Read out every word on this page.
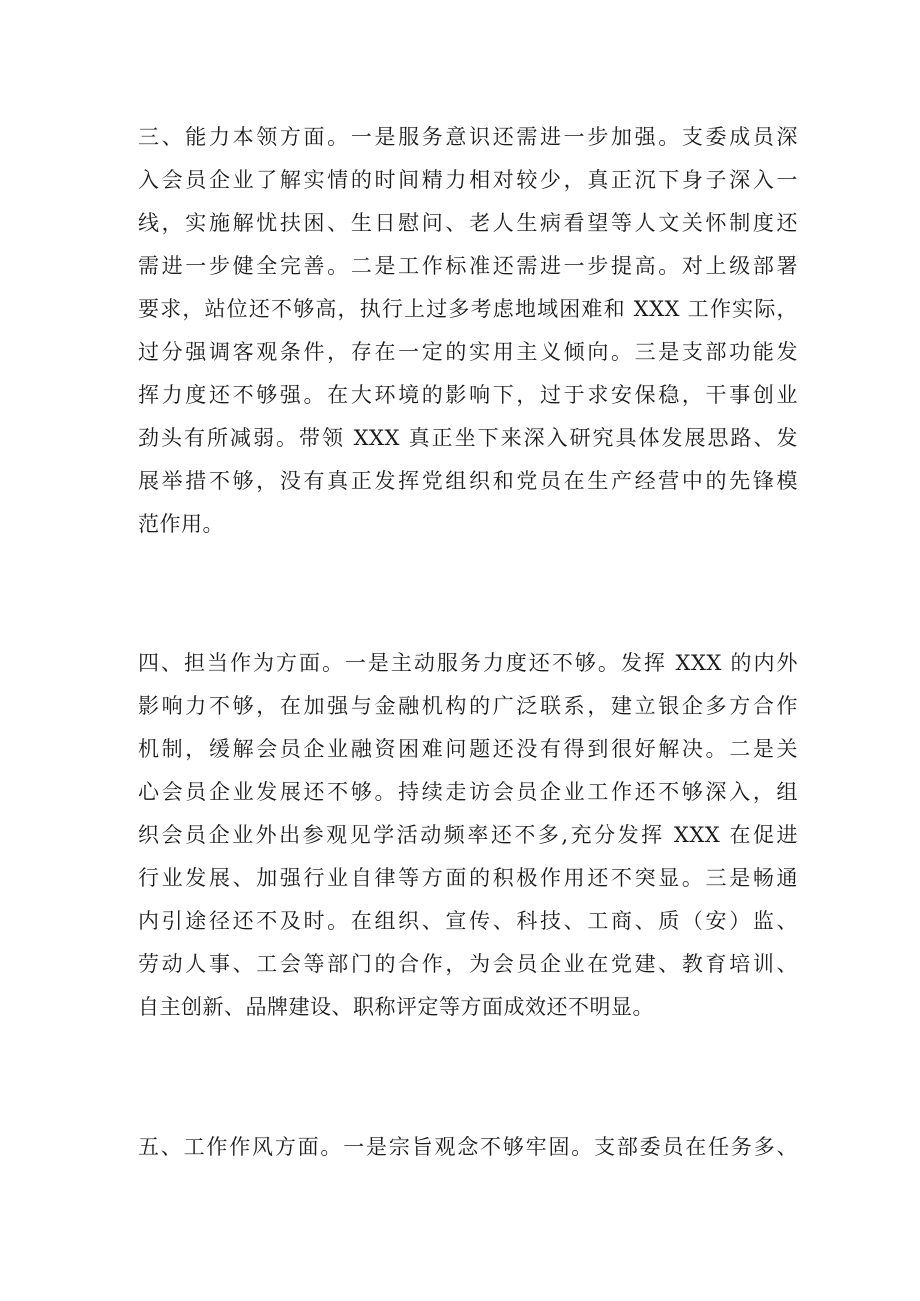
三、能力本领方面。一是服务意识还需进一步加强。支委成员深
入会员企业了解实情的时间精力相对较少，真正沉下身子深入一
线，实施解忧扶困、生日慰问、老人生病看望等人文关怀制度还
需进一步健全完善。二是工作标准还需进一步提高。对上级部署
要求，站位还不够高，执行上过多考虑地域困难和 XXX 工作实际，
过分强调客观条件，存在一定的实用主义倾向。三是支部功能发
挥力度还不够强。在大环境的影响下，过于求安保稳，干事创业
劲头有所减弱。带领 XXX 真正坐下来深入研究具体发展思路、发
展举措不够，没有真正发挥党组织和党员在生产经营中的先锋模
范作用。
四、担当作为方面。一是主动服务力度还不够。发挥 XXX 的内外
影响力不够，在加强与金融机构的广泛联系，建立银企多方合作
机制，缓解会员企业融资困难问题还没有得到很好解决。二是关
心会员企业发展还不够。持续走访会员企业工作还不够深入，组
织会员企业外出参观见学活动频率还不多,充分发挥 XXX 在促进
行业发展、加强行业自律等方面的积极作用还不突显。三是畅通
内引途径还不及时。在组织、宣传、科技、工商、质（安）监、
劳动人事、工会等部门的合作，为会员企业在党建、教育培训、
自主创新、品牌建设、职称评定等方面成效还不明显。
五、工作作风方面。一是宗旨观念不够牢固。支部委员在任务多、
